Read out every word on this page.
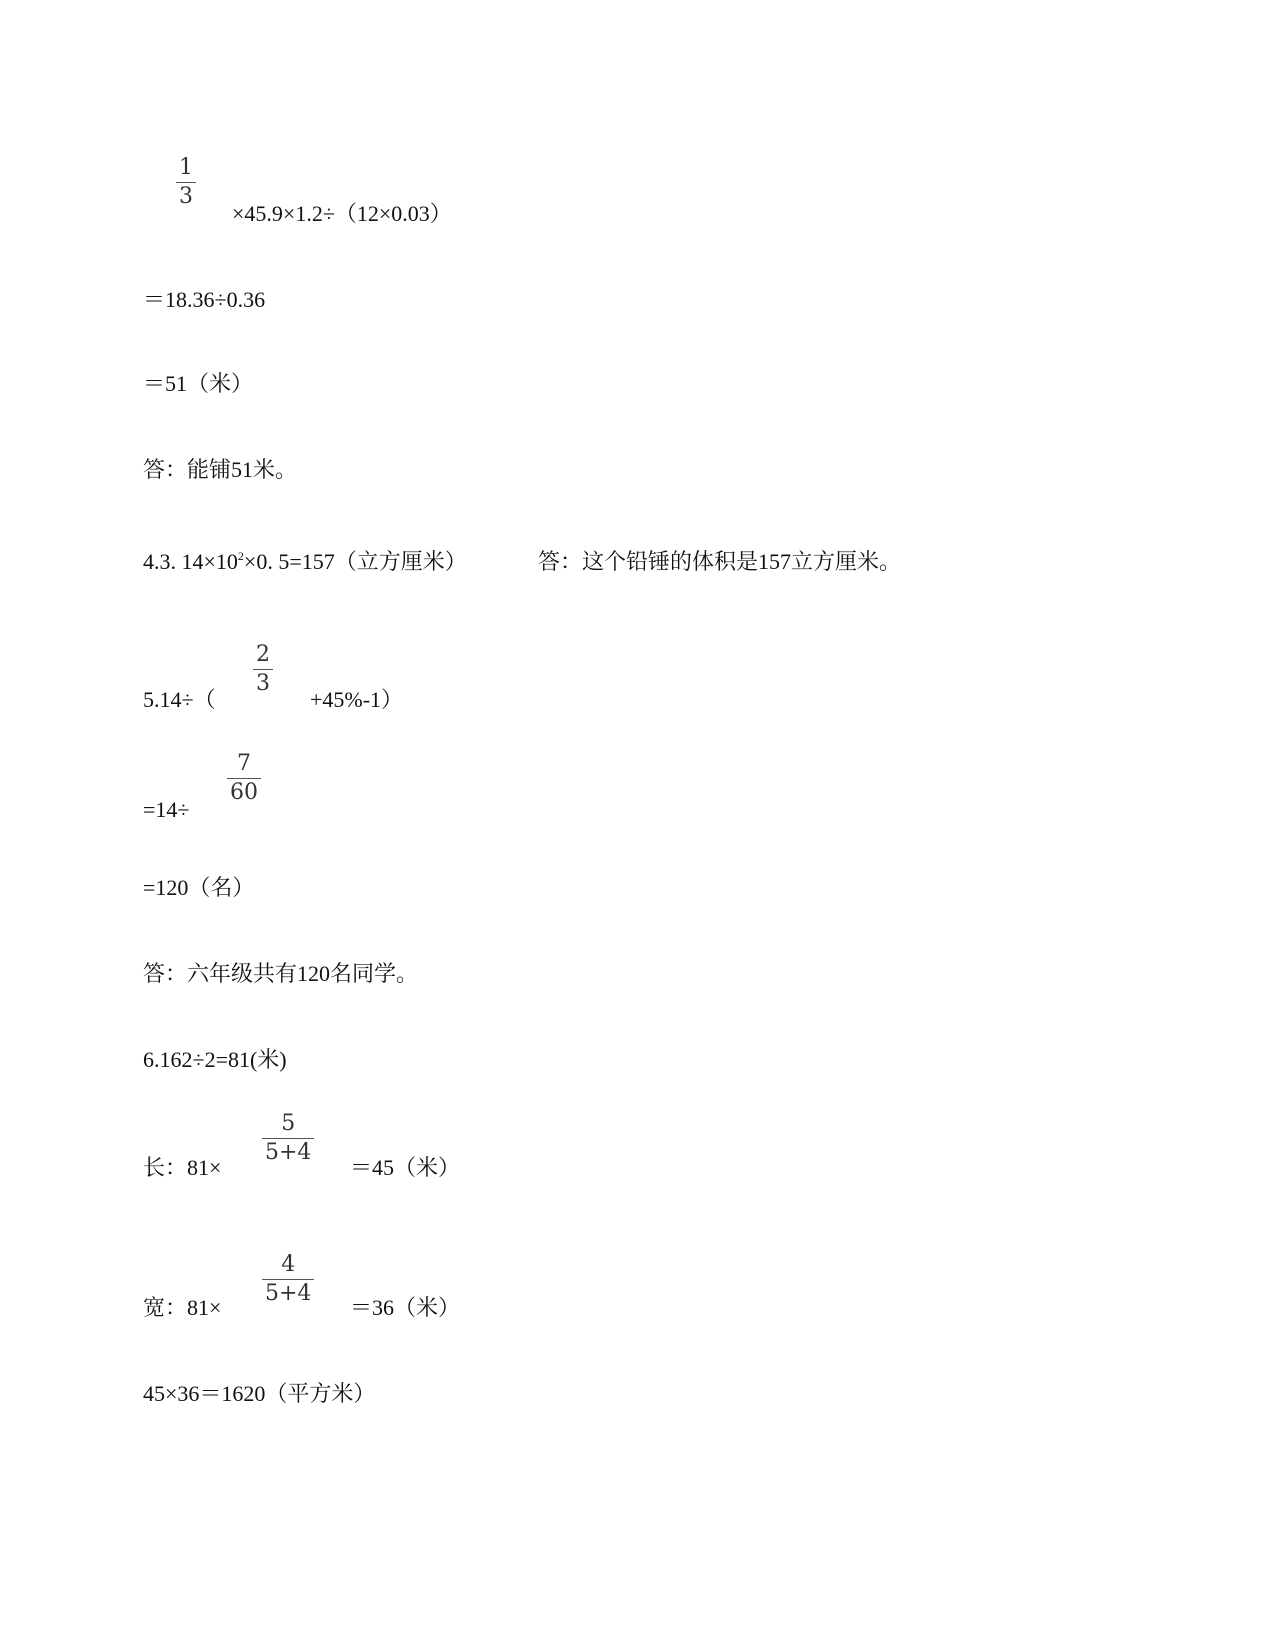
1
3
×45.9×1.2÷（12×0.03）
＝18.36÷0.36
＝51（米）
答：能铺51米。
4.3. $14\times 10^2\times 0$. 5=157（立方厘米）	答：这个铅锤的体积是157立方厘米。
2
3
5.14÷（	+45%-1）
7
60
=14÷
=120（名）
答：六年级共有120名同学。
6.162÷2=81(米)
5
5+4
长：81×	＝45（米）
4
5+4
宽：81×	＝36（米）
45×36＝1620（平方米）
